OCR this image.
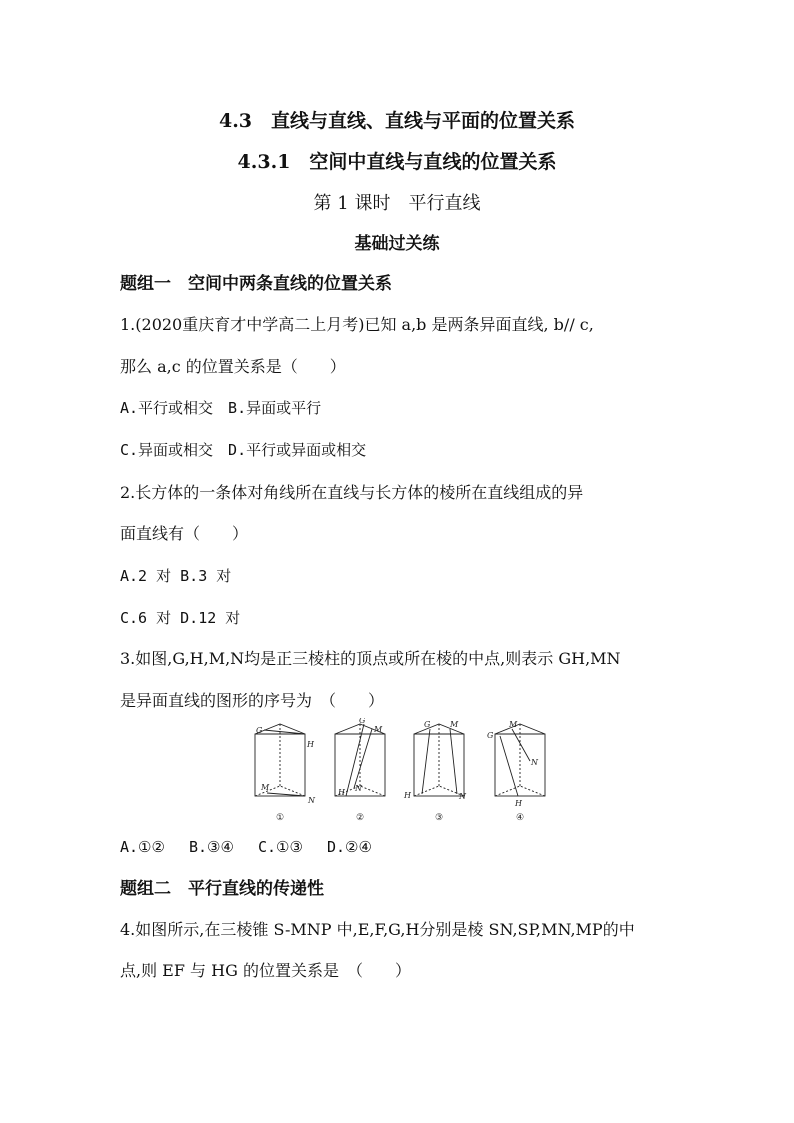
4.3　直线与直线、直线与平面的位置关系
4.3.1　空间中直线与直线的位置关系
第 1 课时　平行直线
基础过关练
题组一　空间中两条直线的位置关系
1.(2020重庆育才中学高二上月考)已知 a,b 是两条异面直线, b// c,
那么 a,c 的位置关系是（　　）
A.平行或相交　B.异面或平行
C.异面或相交　D.平行或异面或相交
2.长方体的一条体对角线所在直线与长方体的棱所在直线组成的异
面直线有（　　）
A.2 对 B.3 对
C.6 对 D.12 对
3.如图,G,H,M,N均是正三棱柱的顶点或所在棱的中点,则表示 GH,MN
是异面直线的图形的序号为　（　　）
G
H
M
N
①
G
M
H N
②
G M
H	N
③
G
M
N
H
④
A.①②　 B.③④　 C.①③　 D.②④
题组二　平行直线的传递性
4.如图所示,在三棱锥 S-MNP 中,E,F,G,H分别是棱 SN,SP,MN,MP的中
点,则 EF 与 HG 的位置关系是　（　　）
